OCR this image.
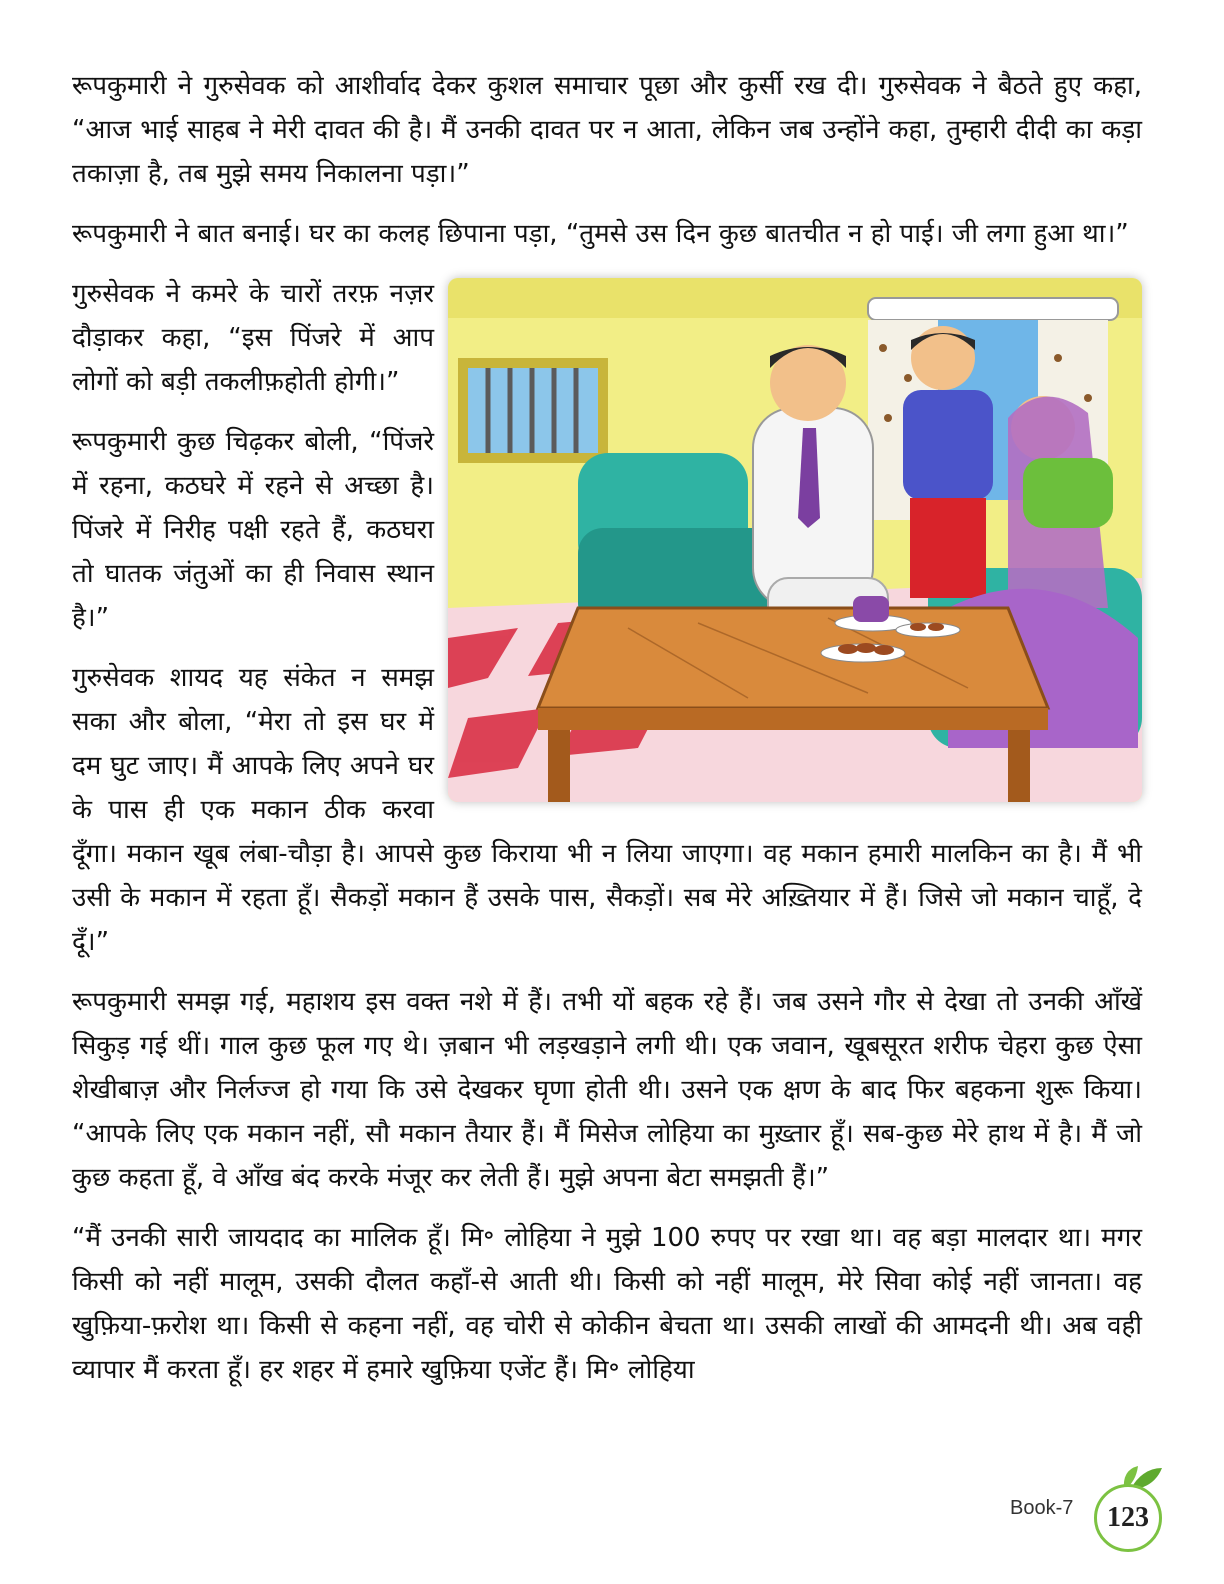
रूपकुमारी ने गुरुसेवक को आशीर्वाद देकर कुशल समाचार पूछा और कुर्सी रख दी। गुरुसेवक ने बैठते हुए कहा, “आज भाई साहब ने मेरी दावत की है। मैं उनकी दावत पर न आता, लेकिन जब उन्होंने कहा, तुम्हारी दीदी का कड़ा तकाज़ा है, तब मुझे समय निकालना पड़ा।”

रूपकुमारी ने बात बनाई। घर का कलह छिपाना पड़ा, “तुमसे उस दिन कुछ बातचीत न हो पाई। जी लगा हुआ था।”

गुरुसेवक ने कमरे के चारों तरफ़ नज़र दौड़ाकर कहा, “इस पिंजरे में आप लोगों को बड़ी तकलीफ़होती होगी।”

रूपकुमारी कुछ चिढ़कर बोली, “पिंजरे में रहना, कठघरे में रहने से अच्छा है। पिंजरे में निरीह पक्षी रहते हैं, कठघरा तो घातक जंतुओं का ही निवास स्थान है।”

गुरुसेवक शायद यह संकेत न समझ सका और बोला, “मेरा तो इस घर में दम घुट जाए। मैं आपके लिए अपने घर के पास ही एक मकान ठीक करवा दूँगा। मकान खूब लंबा-चौड़ा है। आपसे कुछ किराया भी न लिया जाएगा। वह मकान हमारी मालकिन का है। मैं भी उसी के मकान में रहता हूँ। सैकड़ों मकान हैं उसके पास, सैकड़ों। सब मेरे अख़्तियार में हैं। जिसे जो मकान चाहूँ, दे दूँ।”

रूपकुमारी समझ गई, महाशय इस वक्त नशे में हैं। तभी यों बहक रहे हैं। जब उसने गौर से देखा तो उनकी आँखें सिकुड़ गई थीं। गाल कुछ फूल गए थे। ज़बान भी लड़खड़ाने लगी थी। एक जवान, खूबसूरत शरीफ चेहरा कुछ ऐसा शेखीबाज़ और निर्लज्ज हो गया कि उसे देखकर घृणा होती थी। उसने एक क्षण के बाद फिर बहकना शुरू किया। “आपके लिए एक मकान नहीं, सौ मकान तैयार हैं। मैं मिसेज लोहिया का मुख़्तार हूँ। सब-कुछ मेरे हाथ में है। मैं जो कुछ कहता हूँ, वे आँख बंद करके मंजूर कर लेती हैं। मुझे अपना बेटा समझती हैं।”

“मैं उनकी सारी जायदाद का मालिक हूँ। मि॰ लोहिया ने मुझे 100 रुपए पर रखा था। वह बड़ा मालदार था। मगर किसी को नहीं मालूम, उसकी दौलत कहाँ-से आती थी। किसी को नहीं मालूम, मेरे सिवा कोई नहीं जानता। वह खुफ़िया-फ़रोश था। किसी से कहना नहीं, वह चोरी से कोकीन बेचता था। उसकी लाखों की आमदनी थी। अब वही व्यापार मैं करता हूँ। हर शहर में हमारे खुफ़िया एजेंट हैं। मि॰ लोहिया

Book-7 123
